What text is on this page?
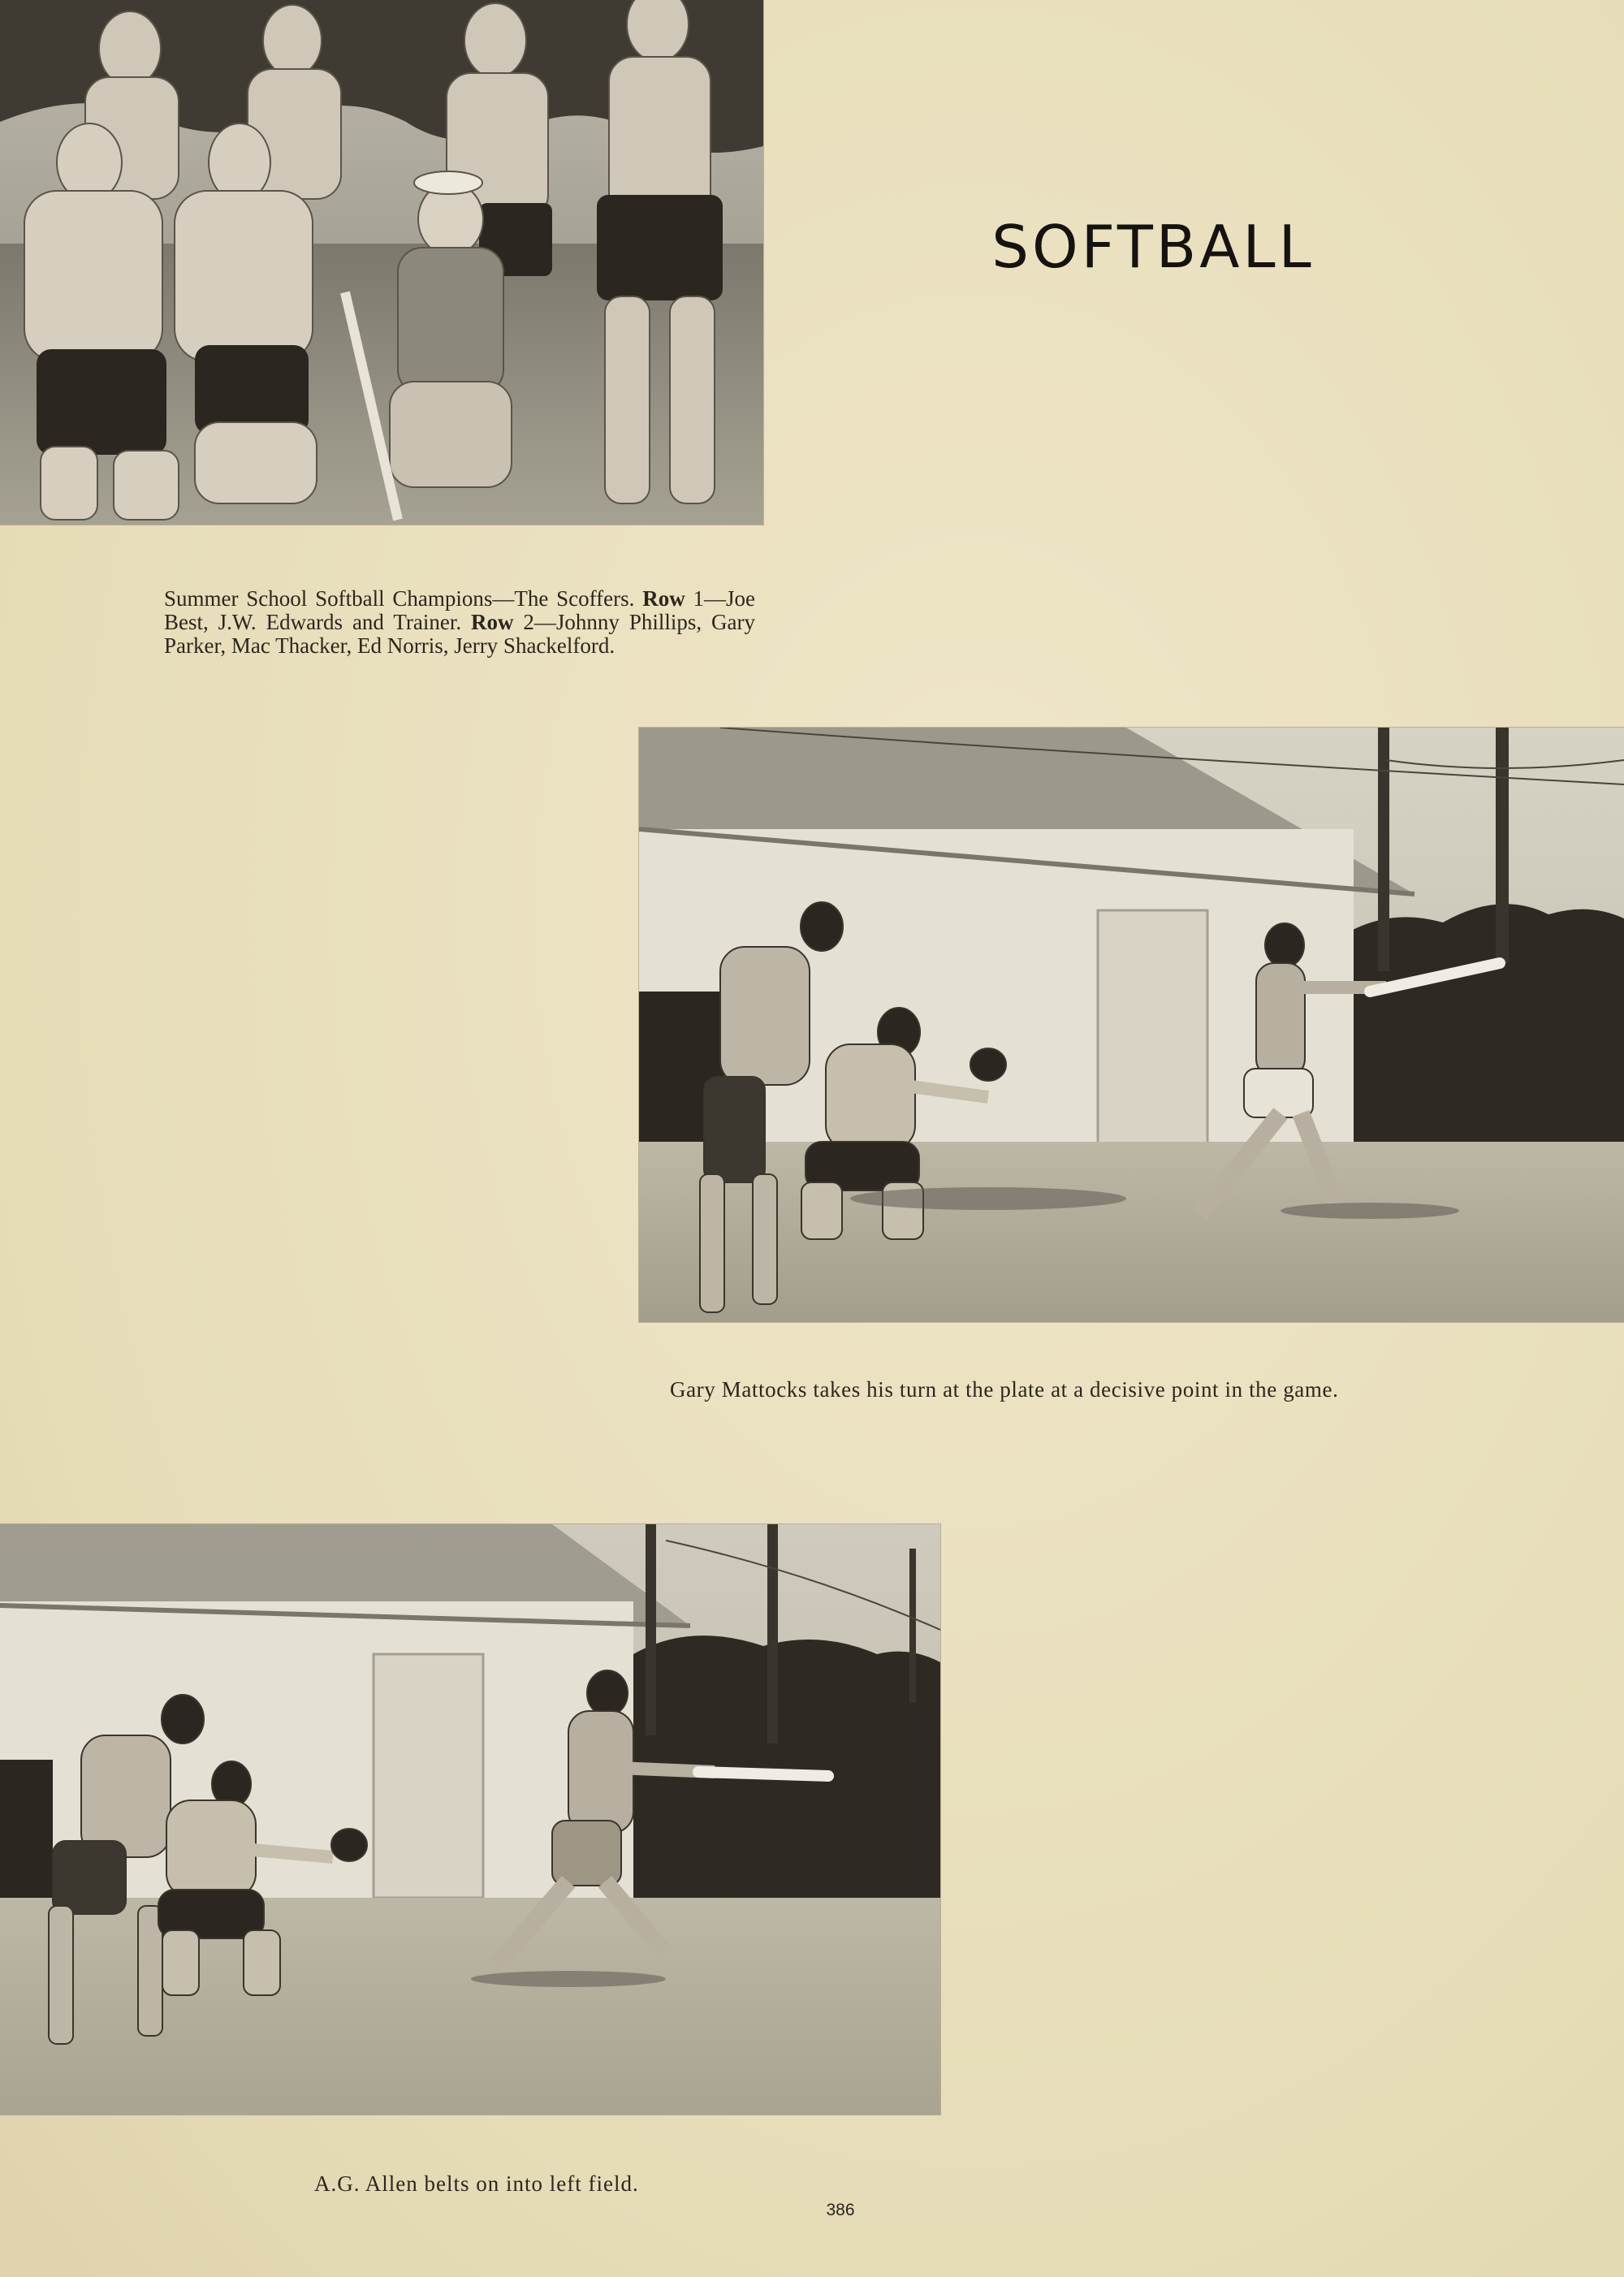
SOFTBALL

Summer School Softball Champions—The Scoffers. Row 1—Joe Best, J.W. Edwards and Trainer. Row 2—Johnny Phillips, Gary Parker, Mac Thacker, Ed Norris, Jerry Shackelford.

Gary Mattocks takes his turn at the plate at a decisive point in the game.

A.G. Allen belts on into left field.

386
